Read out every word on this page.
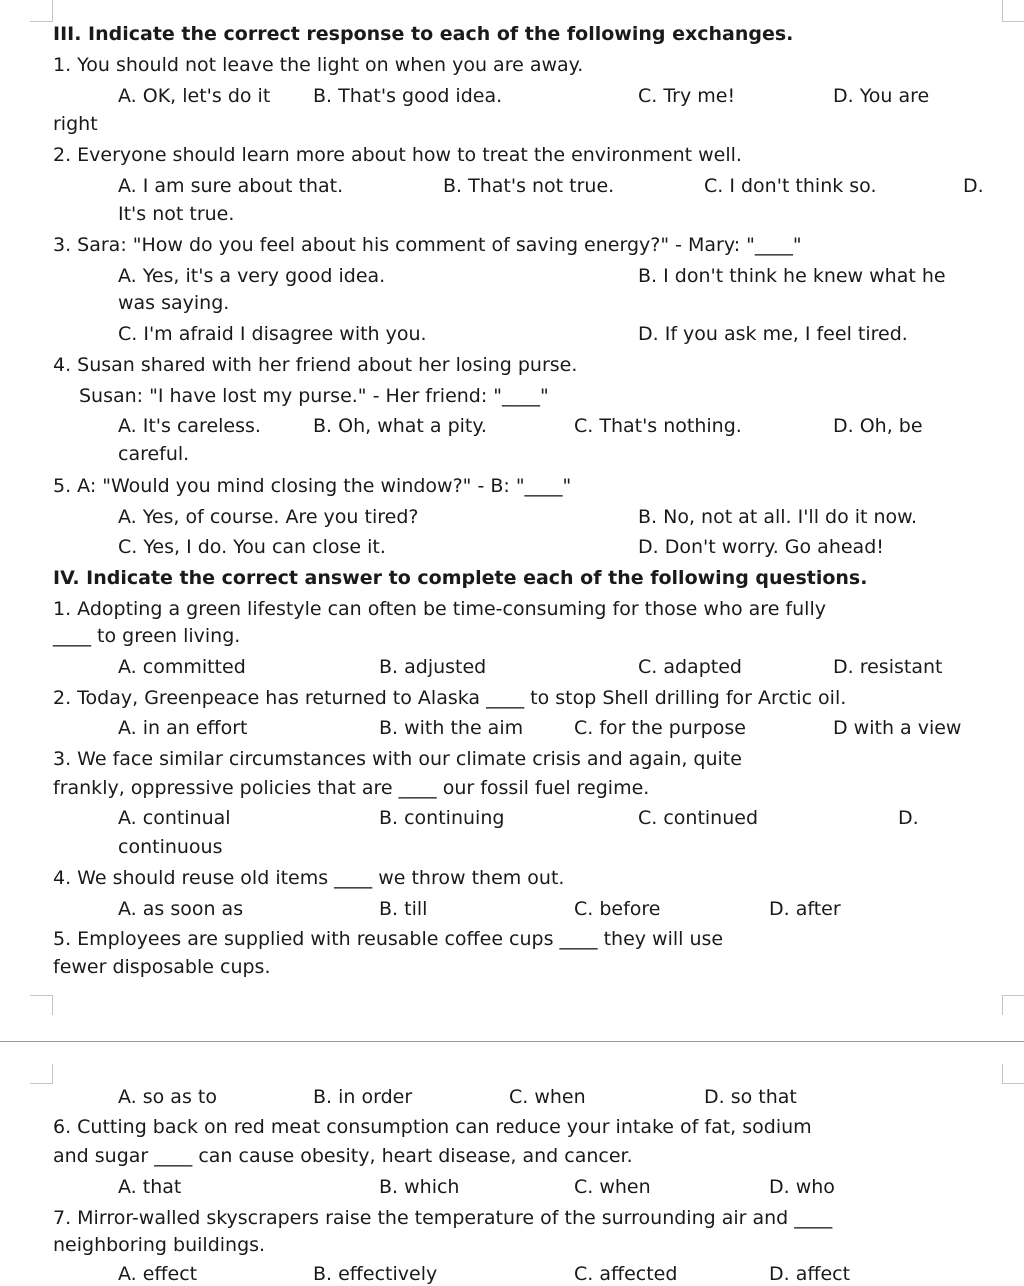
III. Indicate the correct response to each of the following exchanges.
1. You should not leave the light on when you are away.
A. OK, let's do it B. That's good idea.	C. Try me!	D. You are
right
2. Everyone should learn more about how to treat the environment well.
A. I am sure about that.	B. That's not true.	C. I don't think so.	D.
It's not true.
3. Sara: "How do you feel about his comment of saving energy?" - Mary: "____"
A. Yes, it's a very good idea.	B. I don't think he knew what he
was saying.
C. I'm afraid I disagree with you.	D. If you ask me, I feel tired.
4. Susan shared with her friend about her losing purse.
Susan: "I have lost my purse." - Her friend: "____"
A. It's careless.	B. Oh, what a pity.	C. That's nothing.	D. Oh, be
careful.
5. A: "Would you mind closing the window?" - B: "____"
A. Yes, of course. Are you tired?	B. No, not at all. I'll do it now.
C. Yes, I do. You can close it.	D. Don't worry. Go ahead!
IV. Indicate the correct answer to complete each of the following questions.
1. Adopting a green lifestyle can often be time-consuming for those who are fully
____ to green living.
A. committed	B. adjusted	C. adapted	D. resistant
2. Today, Greenpeace has returned to Alaska ____ to stop Shell drilling for Arctic oil.
A. in an effort	B. with the aim	C. for the purpose	D with a view
3. We face similar circumstances with our climate crisis and again, quite
frankly, oppressive policies that are ____ our fossil fuel regime.
A. continual	B. continuing	C. continued	D.
continuous
4. We should reuse old items ____ we throw them out.
A. as soon as	B. till	C. before	D. after
5. Employees are supplied with reusable coffee cups ____ they will use
fewer disposable cups.
A. so as to	B. in order	C. when	D. so that
6. Cutting back on red meat consumption can reduce your intake of fat, sodium
and sugar ____ can cause obesity, heart disease, and cancer.
A. that	B. which	C. when	D. who
7. Mirror-walled skyscrapers raise the temperature of the surrounding air and ____
neighboring buildings.
A. effect	B. effectively	C. affected	D. affect
